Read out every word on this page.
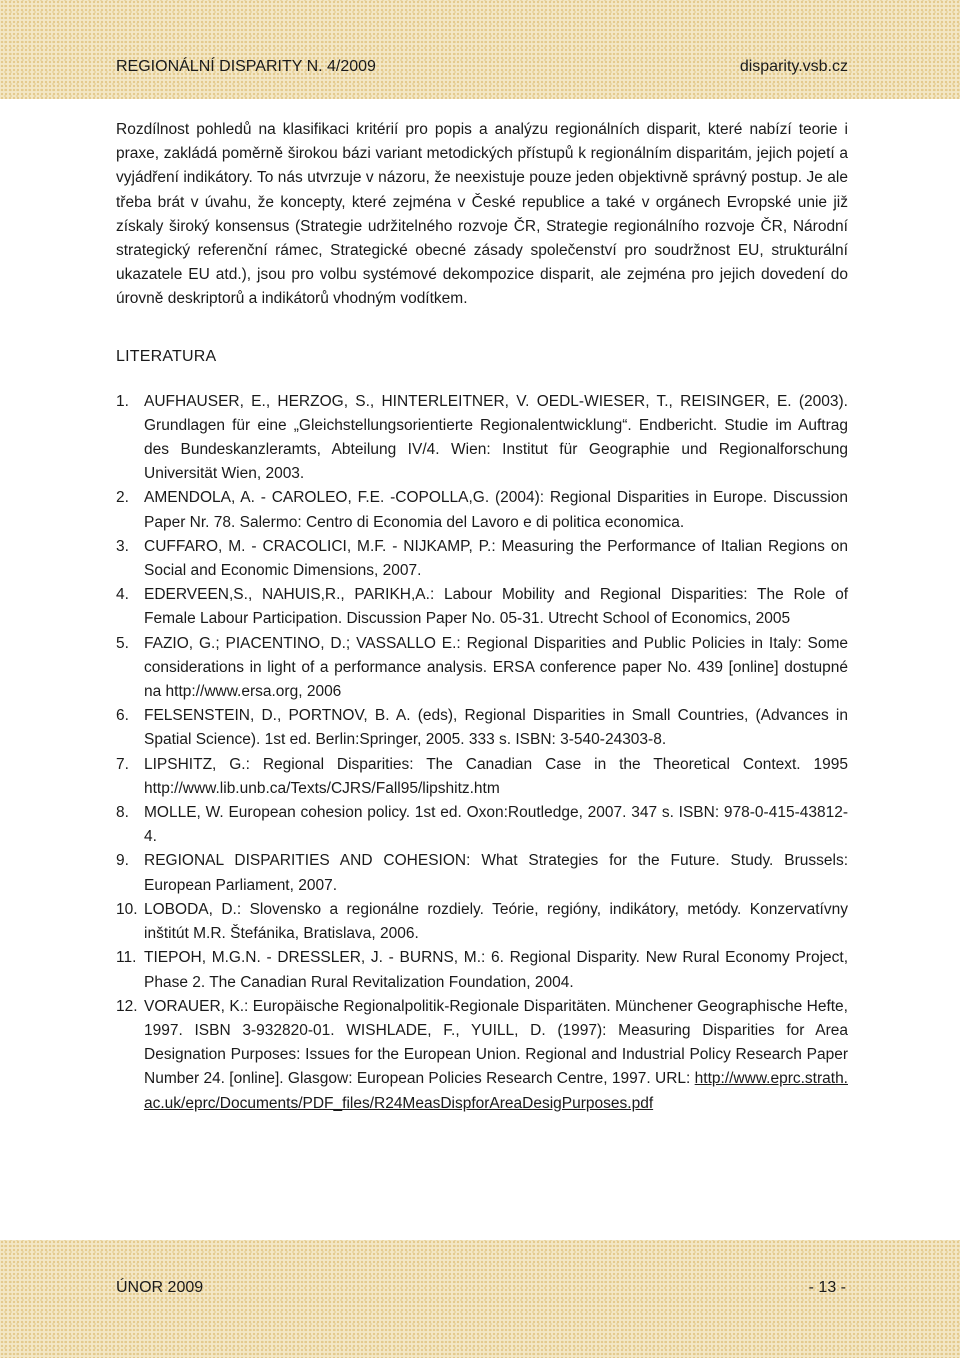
REGIONÁLNÍ DISPARITY N. 4/2009	disparity.vsb.cz

Rozdílnost pohledů na klasifikaci kritérií pro popis a analýzu regionálních disparit, které nabízí teorie i praxe, zakládá poměrně širokou bázi variant metodických přístupů k regionálním disparitám, jejich pojetí a vyjádření indikátory. To nás utvrzuje v názoru, že neexistuje pouze jeden objektivně správný postup. Je ale třeba brát v úvahu, že koncepty, které zejména v České republice a také v orgánech Evropské unie již získaly široký konsensus (Strategie udržitelného rozvoje ČR, Strategie regionálního rozvoje ČR, Národní strategický referenční rámec, Strategické obecné zásady společenství pro soudržnost EU, strukturální ukazatele EU atd.), jsou pro volbu systémové dekompozice disparit, ale zejména pro jejich dovedení do úrovně deskriptorů a indikátorů vhodným vodítkem.

LITERATURA
1. AUFHAUSER, E., HERZOG, S., HINTERLEITNER, V. OEDL-WIESER, T., REISINGER, E. (2003). Grundlagen für eine „Gleichstellungsorientierte Regionalentwicklung“. Endbericht. Studie im Auftrag des Bundeskanzleramts, Abteilung IV/4. Wien: Institut für Geographie und Regionalforschung Universität Wien, 2003.
2. AMENDOLA, A. - CAROLEO, F.E. -COPOLLA,G. (2004): Regional Disparities in Europe. Discussion Paper Nr. 78. Salermo: Centro di Economia del Lavoro e di politica economica.
3. CUFFARO, M. - CRACOLICI, M.F. - NIJKAMP, P.: Measuring the Performance of Italian Regions on Social and Economic Dimensions, 2007.
4. EDERVEEN,S., NAHUIS,R., PARIKH,A.: Labour Mobility and Regional Disparities: The Role of Female Labour Participation. Discussion Paper No. 05-31. Utrecht School of Economics, 2005
5. FAZIO, G.; PIACENTINO, D.; VASSALLO E.: Regional Disparities and Public Policies in Italy: Some considerations in light of a performance analysis. ERSA conference paper No. 439 [online] dostupné na http://www.ersa.org, 2006
6. FELSENSTEIN, D., PORTNOV, B. A. (eds), Regional Disparities in Small Countries, (Advances in Spatial Science). 1st ed. Berlin:Springer, 2005. 333 s. ISBN: 3-540-24303-8.
7. LIPSHITZ, G.: Regional Disparities: The Canadian Case in the Theoretical Context. 1995 http://www.lib.unb.ca/Texts/CJRS/Fall95/lipshitz.htm
8. MOLLE, W. European cohesion policy. 1st ed. Oxon:Routledge, 2007. 347 s. ISBN: 978-0-415-43812-4.
9. REGIONAL DISPARITIES AND COHESION: What Strategies for the Future. Study. Brussels: European Parliament, 2007.
10. LOBODA, D.: Slovensko a regionálne rozdiely. Teórie, regióny, indikátory, metódy. Konzervatívny inštitút M.R. Štefánika, Bratislava, 2006.
11. TIEPOH, M.G.N. - DRESSLER, J. - BURNS, M.: 6. Regional Disparity. New Rural Economy Project, Phase 2. The Canadian Rural Revitalization Foundation, 2004.
12. VORAUER, K.: Europäische Regionalpolitik-Regionale Disparitäten. Münchener Geographische Hefte, 1997. ISBN 3-932820-01. WISHLADE, F., YUILL, D. (1997): Measuring Disparities for Area Designation Purposes: Issues for the European Union. Regional and Industrial Policy Research Paper Number 24. [online]. Glasgow: European Policies Research Centre, 1997. URL: http://www.eprc.strath.ac.uk/eprc/Documents/PDF_files/R24MeasDispforAreaDesigPurposes.pdf
ÚNOR 2009	- 13 -
